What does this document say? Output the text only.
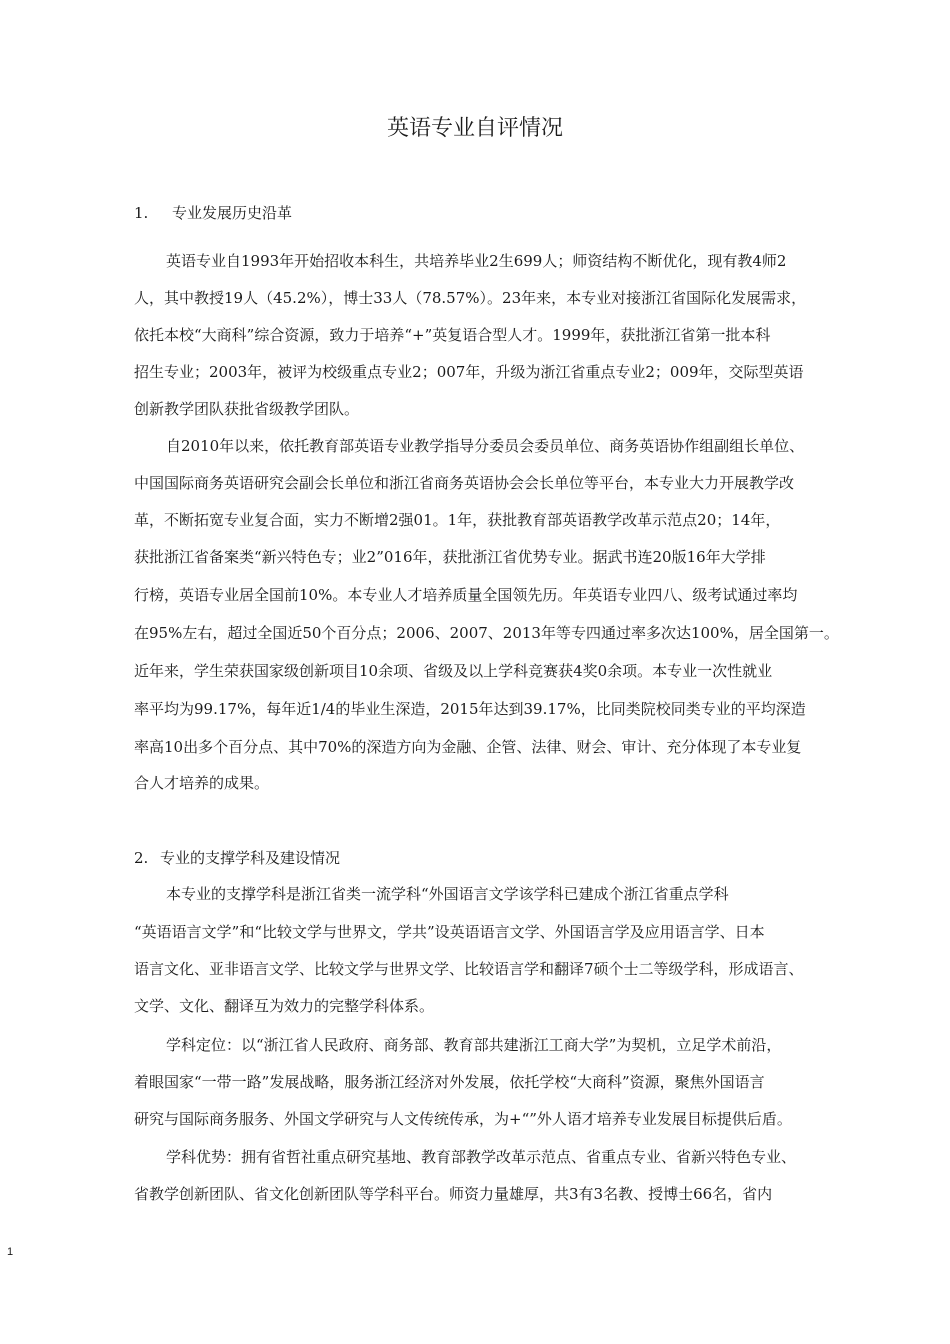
英语专业自评情况
1. 专业发展历史沿革
英语专业自1993年开始招收本科生，共培养毕业2生699人；师资结构不断优化，现有教4师2
人，其中教授19人（45.2%），博士33人（78.57%）。23年来，本专业对接浙江省国际化发展需求，
依托本校“大商科”综合资源，致力于培养“+”英复语合型人才。1999年，获批浙江省第一批本科
招生专业；2003年，被评为校级重点专业2；007年，升级为浙江省重点专业2；009年，交际型英语
创新教学团队获批省级教学团队。
自2010年以来，依托教育部英语专业教学指导分委员会委员单位、商务英语协作组副组长单位、
中国国际商务英语研究会副会长单位和浙江省商务英语协会会长单位等平台，本专业大力开展教学改
革，不断拓宽专业复合面，实力不断增2强01。1年，获批教育部英语教学改革示范点20；14年，
获批浙江省备案类“新兴特色专；业2”016年，获批浙江省优势专业。据武书连20版16年大学排
行榜，英语专业居全国前10%。本专业人才培养质量全国领先历。年英语专业四八、级考试通过率均
在95%左右，超过全国近50个百分点；2006、2007、2013年等专四通过率多次达100%，居全国第一。
近年来，学生荣获国家级创新项目10余项、省级及以上学科竞赛获4奖0余项。本专业一次性就业
率平均为99.17%，每年近1/4的毕业生深造，2015年达到39.17%，比同类院校同类专业的平均深造
率高10出多个百分点、其中70%的深造方向为金融、企管、法律、财会、审计、充分体现了本专业复
合人才培养的成果。
2. 专业的支撑学科及建设情况
本专业的支撑学科是浙江省类一流学科“外国语言文学该学科已建成个浙江省重点学科
“英语语言文学”和“比较文学与世界文，学共”设英语语言文学、外国语言学及应用语言学、日本
语言文化、亚非语言文学、比较文学与世界文学、比较语言学和翻译7硕个士二等级学科，形成语言、
文学、文化、翻译互为效力的完整学科体系。
学科定位：以“浙江省人民政府、商务部、教育部共建浙江工商大学”为契机，立足学术前沿，
着眼国家“一带一路”发展战略，服务浙江经济对外发展，依托学校“大商科”资源，聚焦外国语言
研究与国际商务服务、外国文学研究与人文传统传承，为+“”外人语才培养专业发展目标提供后盾。
学科优势：拥有省哲社重点研究基地、教育部教学改革示范点、省重点专业、省新兴特色专业、
省教学创新团队、省文化创新团队等学科平台。师资力量雄厚，共3有3名教、授博士66名，省内
1
